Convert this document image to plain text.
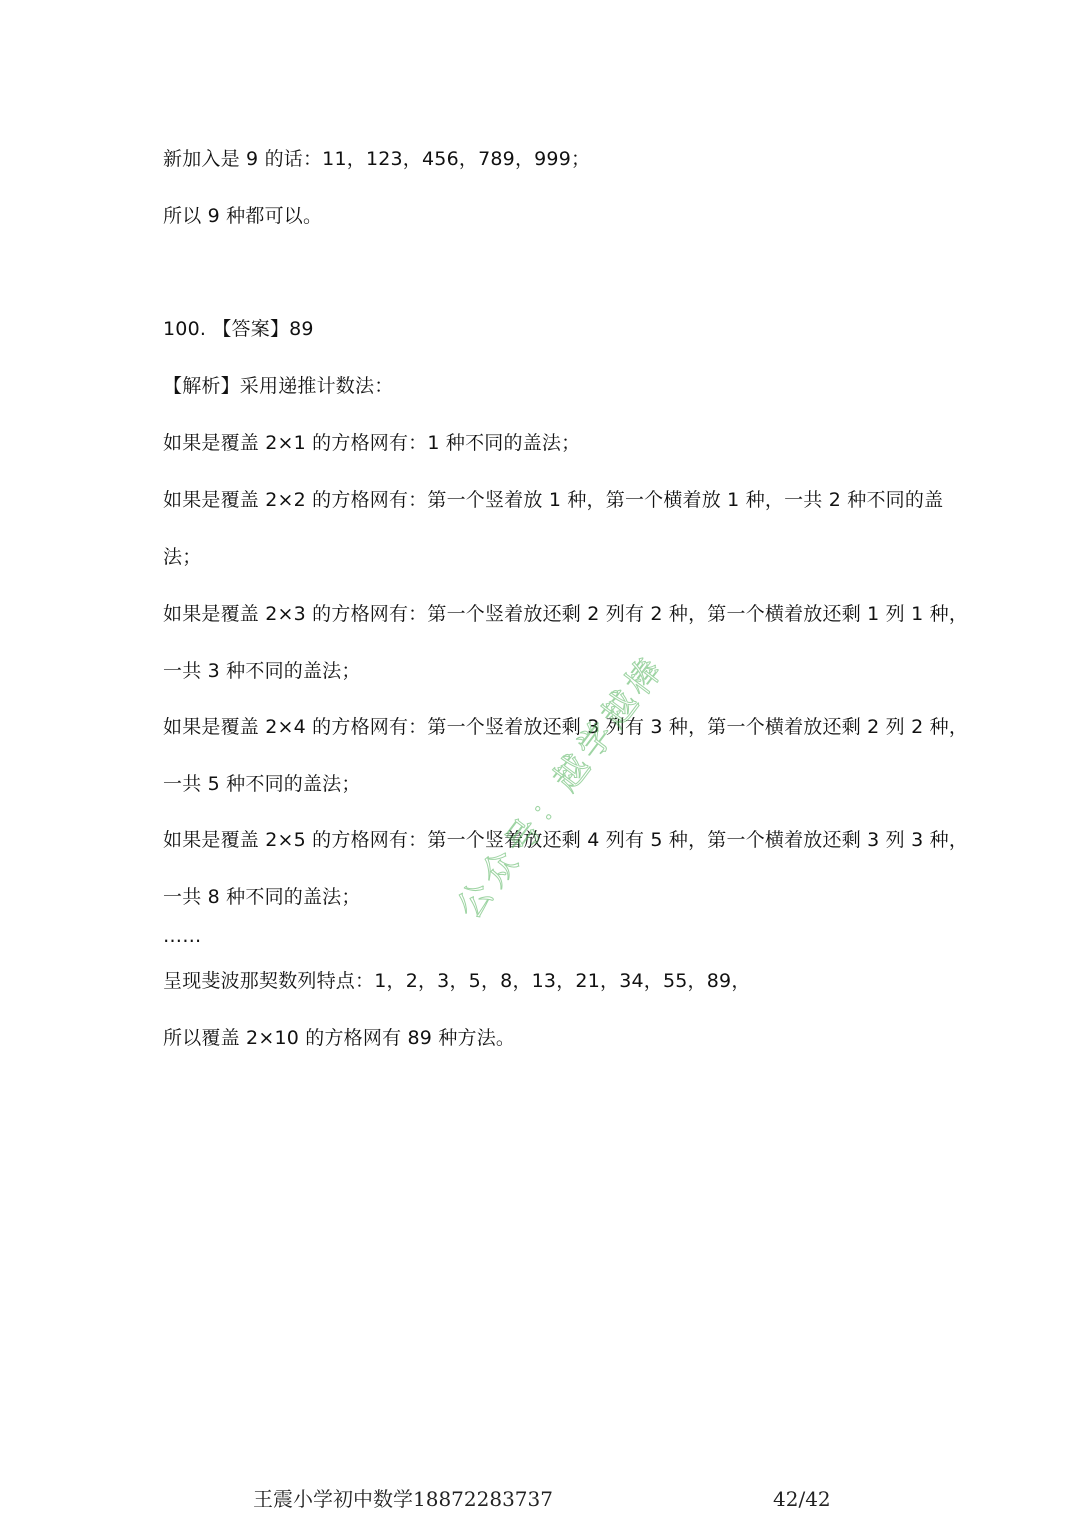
新加入是 9 的话：11，123，456，789，999；
所以 9 种都可以。
100. 【答案】89
【解析】采用递推计数法：
如果是覆盖 2×1 的方格网有：1 种不同的盖法；
如果是覆盖 2×2 的方格网有：第一个竖着放 1 种，第一个横着放 1 种，一共 2 种不同的盖
法；
如果是覆盖 2×3 的方格网有：第一个竖着放还剩 2 列有 2 种，第一个横着放还剩 1 列 1 种，
一共 3 种不同的盖法；
如果是覆盖 2×4 的方格网有：第一个竖着放还剩 3 列有 3 种，第一个横着放还剩 2 列 2 种，
一共 5 种不同的盖法；
如果是覆盖 2×5 的方格网有：第一个竖着放还剩 4 列有 5 种，第一个横着放还剩 3 列 3 种，
一共 8 种不同的盖法；
……
呈现斐波那契数列特点：1，2，3，5，8，13，21，34，55，89，
所以覆盖 2×10 的方格网有 89 种方法。
公众号：越学越棒
王震小学初中数学18872283737	42/42
